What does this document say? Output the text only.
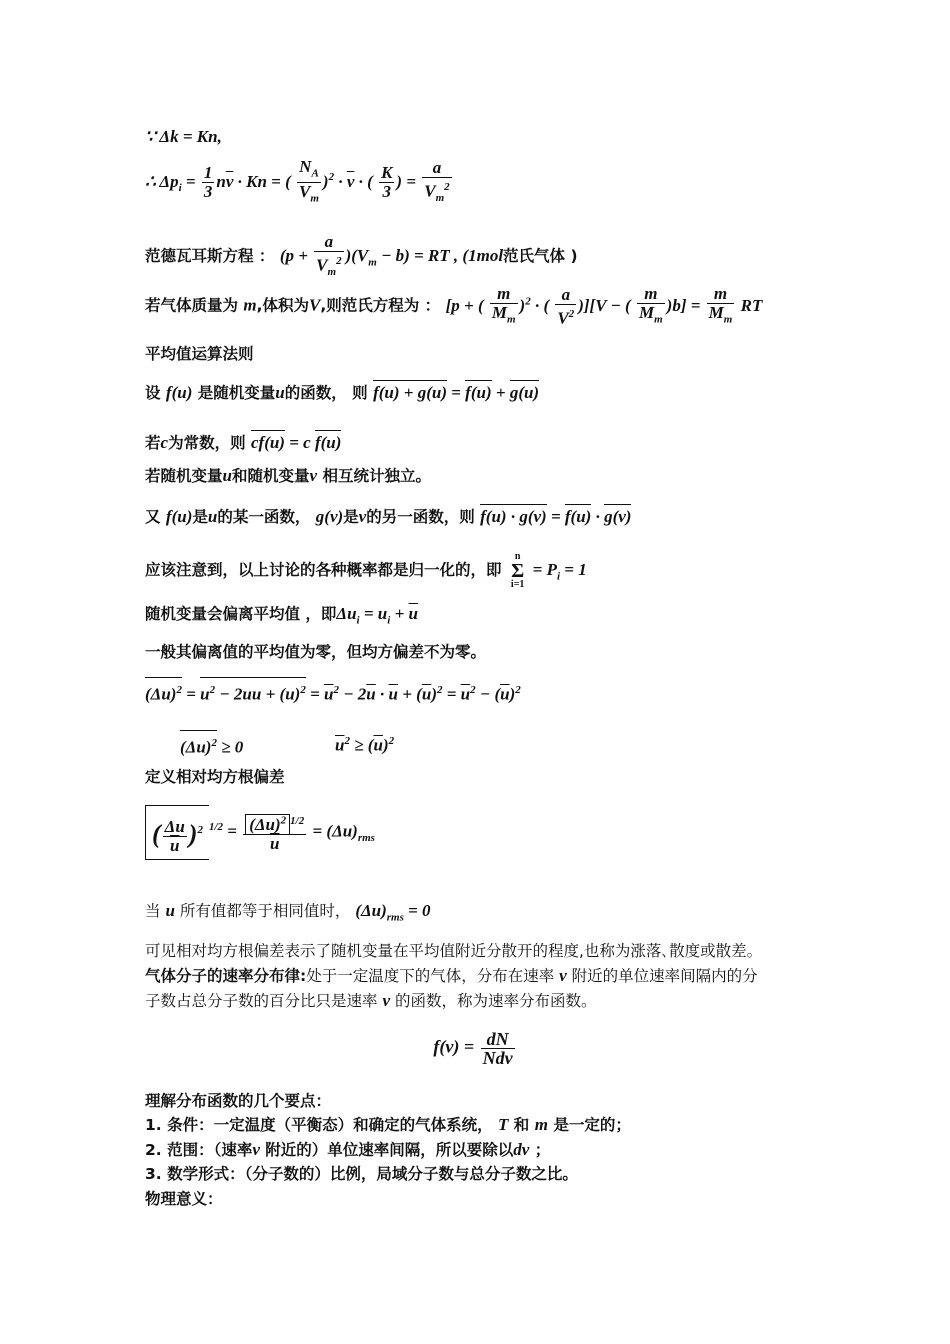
∵ Δk = Kn,
∴ $\Delta p_i = \frac{1}{3} n\overline{v} \cdot Kn$ = ( $\frac{N_A}{V_m} )^2 \cdot \overline{v}$ · ( $\frac{K}{3}$ ) = $\frac{a}{V_m^2}$
范德瓦耳斯方程 ： $(p + \frac{a}{V_m^2} )(V_m - b)$ = RT , (1mol范氏气体 )
若气体质量为 m,体积为V,则范氏方程为 ： [p + ( $\frac{m}{M_m} )^2$ · ( $\frac{a}{V^2} )][V$ − ( $\frac{m}{M_m} )b] = \frac{m}{M_m}$ RT
平均值运算法则
设 f(u) 是随机变量u的函数， 则 f(u) + g(u) = f(u) + g(u)
若c为常数，则 cf(u) = c f(u)
若随机变量u和随机变量v 相互统计独立。
又 f(u)是u的某一函数， g(v)是v的另一函数，则 f(u) · g(v) = f(u) · g(v)
应该注意到，以上讨论的各种概率都是归一化的，即
n
Σ
i=1
= $P_i = 1$
随机变量会偏离平均值 ，即$\Delta u_i = u_i + \overline{u}$
一般其偏离值的平均值为零，但均方偏差不为零。
$(\Delta u)^2 = u^2 - 2uu + (u)^2 = \overline{u}^2 - 2\overline{u} \cdot \overline{u} + (\overline{u})^2 = \overline{u}^2 - (\overline{u})^2$
$(\Delta u)^2 \ge 0$	$\overline{u}^2 \ge (\overline{u})^2$
定义相对均方根偏差
( $\frac{\Delta u}{u} )^2$ $^{1/2} = \frac{(\Delta u)^2 ^{1/2}}{u} = (\Delta u)_{rms}$
当 u 所有值都等于相同值时， $(\Delta u)_{rms} = 0$
可见相对均方根偏差表示了随机变量在平均值附近分散开的程度,也称为涨落､散度或散差。
气体分子的速率分布律:处于一定温度下的气体，分布在速率 v 附近的单位速率间隔内的分
子数占总分子数的百分比只是速率 v 的函数，称为速率分布函数。
$f(v) = \frac{dN}{\text{Ndv}}$
理解分布函数的几个要点：
1. 条件：一定温度（平衡态）和确定的气体系统， T 和 m 是一定的；
2. 范围：（速率v 附近的）单位速率间隔，所以要除以dv ；
3. 数学形式：（分子数的）比例，局域分子数与总分子数之比。
物理意义：
